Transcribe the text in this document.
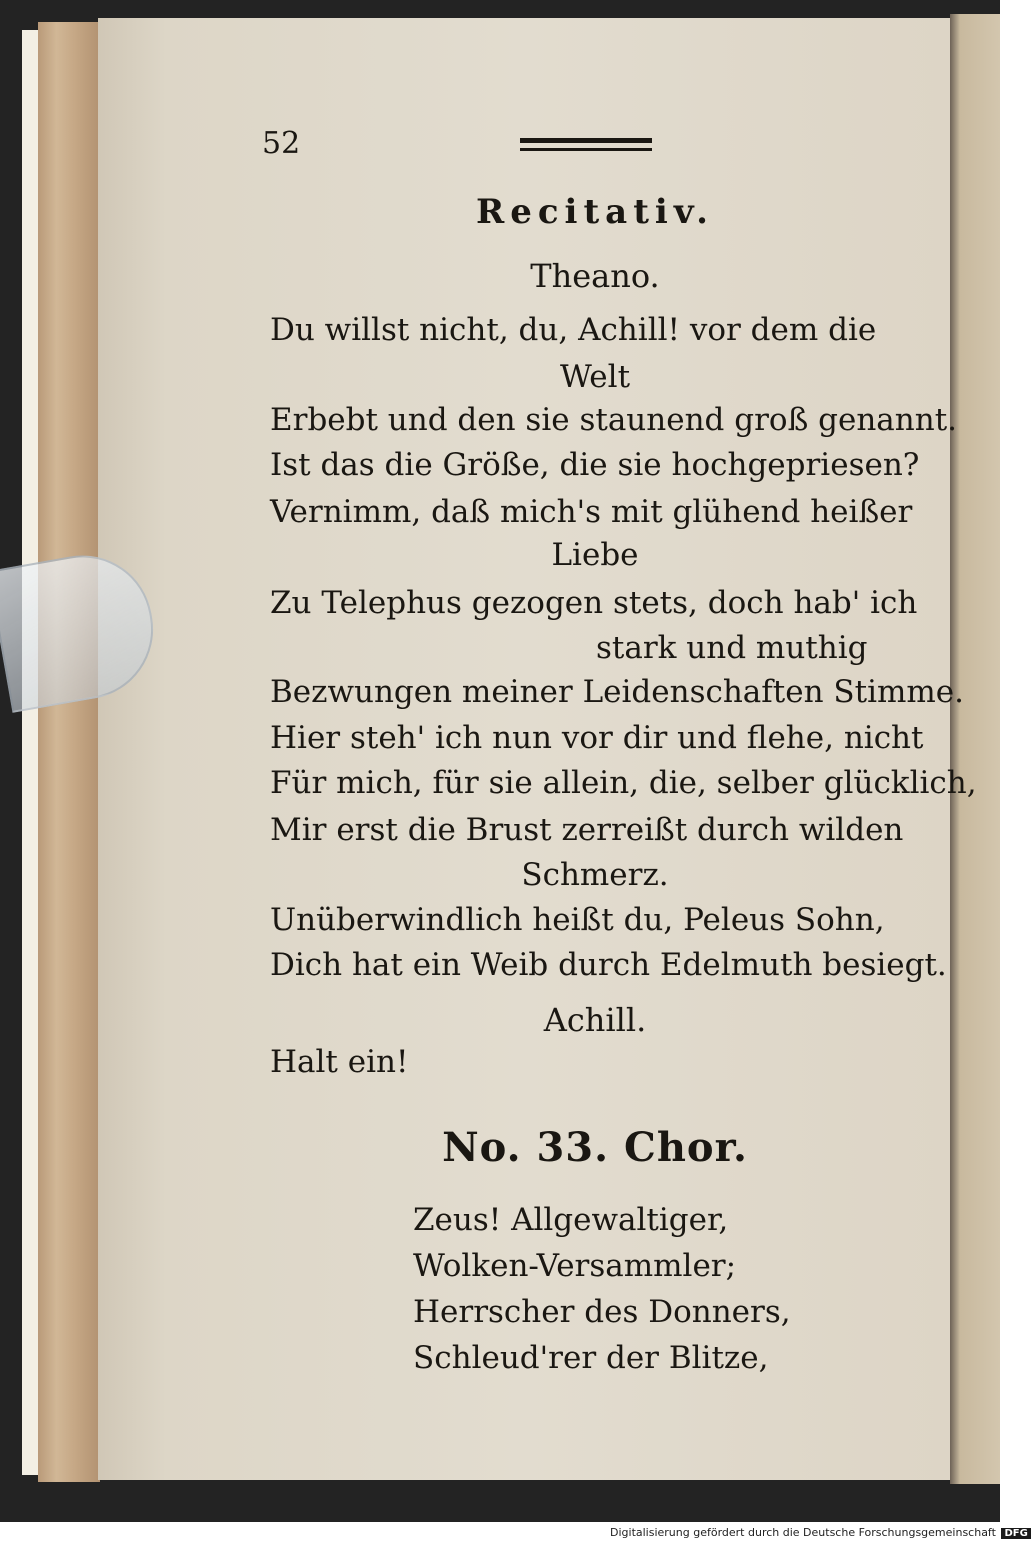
52
Recitativ.
Theano.
Du willst nicht, du, Achill! vor dem die
Welt
Erbebt und den sie staunend groß genannt.
Ist das die Größe, die sie hochgepriesen?
Vernimm, daß mich's mit glühend heißer
Liebe
Zu Telephus gezogen stets, doch hab' ich
stark und muthig
Bezwungen meiner Leidenschaften Stimme.
Hier steh' ich nun vor dir und flehe, nicht
Für mich, für sie allein, die, selber glücklich,
Mir erst die Brust zerreißt durch wilden
Schmerz.
Unüberwindlich heißt du, Peleus Sohn,
Dich hat ein Weib durch Edelmuth besiegt.
Achill.
Halt ein!
No. 33. Chor.
Zeus! Allgewaltiger,
Wolken-Versammler;
Herrscher des Donners,
Schleud'rer der Blitze,
Digitalisierung gefördert durch die Deutsche Forschungsgemeinschaft DFG
